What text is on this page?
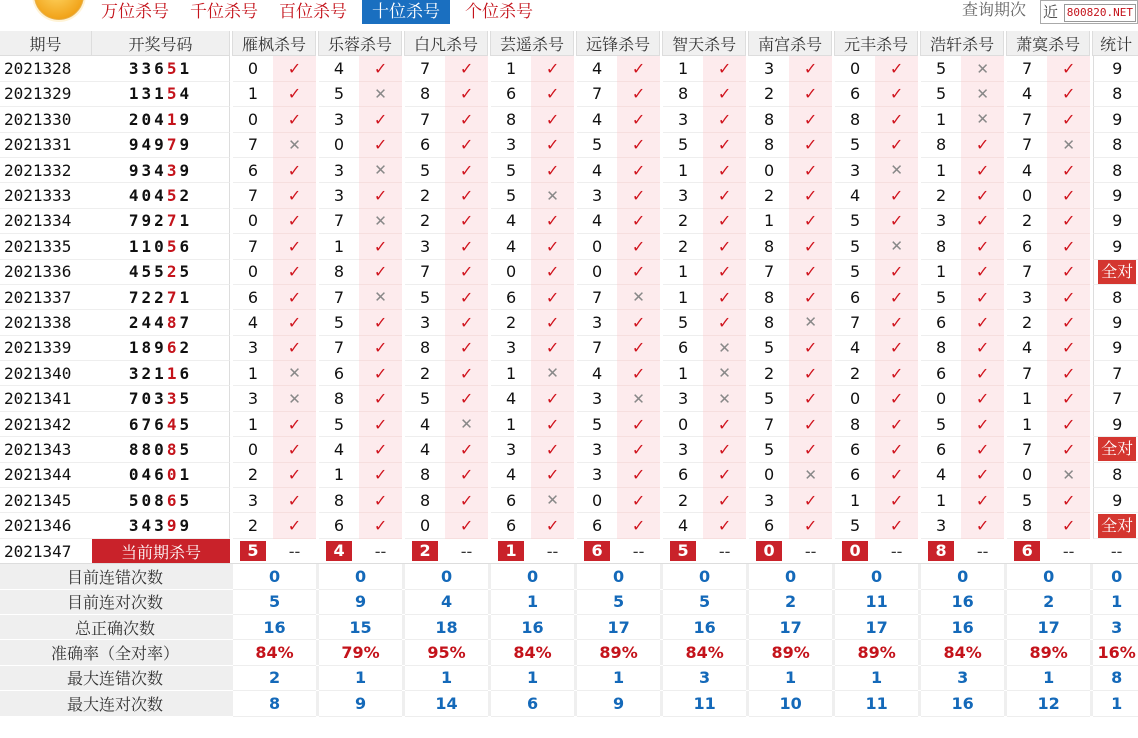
万位杀号	千位杀号	百位杀号	十位杀号	个位杀号	查询期次 近 800820.NET
期号	开奖号码		雁枫杀号			乐蓉杀号			白凡杀号			芸遥杀号			远锋杀号			智天杀号			南宫杀号			元丰杀号			浩轩杀号			萧寞杀号			统计
2021328	33651		0	✓		4	✓		7	✓		1	✓		4	✓		1	✓		3	✓		0	✓		5	✕		7	✓		9
2021329	13154		1	✓		5	✕		8	✓		6	✓		7	✓		8	✓		2	✓		6	✓		5	✕		4	✓		8
2021330	20419		0	✓		3	✓		7	✓		8	✓		4	✓		3	✓		8	✓		8	✓		1	✕		7	✓		9
2021331	94979		7	✕		0	✓		6	✓		3	✓		5	✓		5	✓		8	✓		5	✓		8	✓		7	✕		8
2021332	93439		6	✓		3	✕		5	✓		5	✓		4	✓		1	✓		0	✓		3	✕		1	✓		4	✓		8
2021333	40452		7	✓		3	✓		2	✓		5	✕		3	✓		3	✓		2	✓		4	✓		2	✓		0	✓		9
2021334	79271		0	✓		7	✕		2	✓		4	✓		4	✓		2	✓		1	✓		5	✓		3	✓		2	✓		9
2021335	11056		7	✓		1	✓		3	✓		4	✓		0	✓		2	✓		8	✓		5	✕		8	✓		6	✓		9
2021336	45525		0	✓		8	✓		7	✓		0	✓		0	✓		1	✓		7	✓		5	✓		1	✓		7	✓		全对
2021337	72271		6	✓		7	✕		5	✓		6	✓		7	✕		1	✓		8	✓		6	✓		5	✓		3	✓		8
2021338	24487		4	✓		5	✓		3	✓		2	✓		3	✓		5	✓		8	✕		7	✓		6	✓		2	✓		9
2021339	18962		3	✓		7	✓		8	✓		3	✓		7	✓		6	✕		5	✓		4	✓		8	✓		4	✓		9
2021340	32116		1	✕		6	✓		2	✓		1	✕		4	✓		1	✕		2	✓		2	✓		6	✓		7	✓		7
2021341	70335		3	✕		8	✓		5	✓		4	✓		3	✕		3	✕		5	✓		0	✓		0	✓		1	✓		7
2021342	67645		1	✓		5	✓		4	✕		1	✓		5	✓		0	✓		7	✓		8	✓		5	✓		1	✓		9
2021343	88085		0	✓		4	✓		4	✓		3	✓		3	✓		3	✓		5	✓		6	✓		6	✓		7	✓		全对
2021344	04601		2	✓		1	✓		8	✓		4	✓		3	✓		6	✓		0	✕		6	✓		4	✓		0	✕		8
2021345	50865		3	✓		8	✓		8	✓		6	✕		0	✓		2	✓		3	✓		1	✓		1	✓		5	✓		9
2021346	34399		2	✓		6	✓		0	✓		6	✓		6	✓		4	✓		6	✓		5	✓		3	✓		8	✓		全对
2021347	当前期杀号		5	--		4	--		2	--		1	--		6	--		5	--		0	--		0	--		8	--		6	--		--
目前连错次数			0			0			0			0			0			0			0			0			0			0			0
目前连对次数			5			9			4			1			5			5			2			11			16			2			1
总正确次数			16			15			18			16			17			16			17			17			16			17			3
准确率（全对率）			84%			79%			95%			84%			89%			84%			89%			89%			84%			89%			16%
最大连错次数			2			1			1			1			1			3			1			1			3			1			8
最大连对次数			8			9			14			6			9			11			10			11			16			12			1
